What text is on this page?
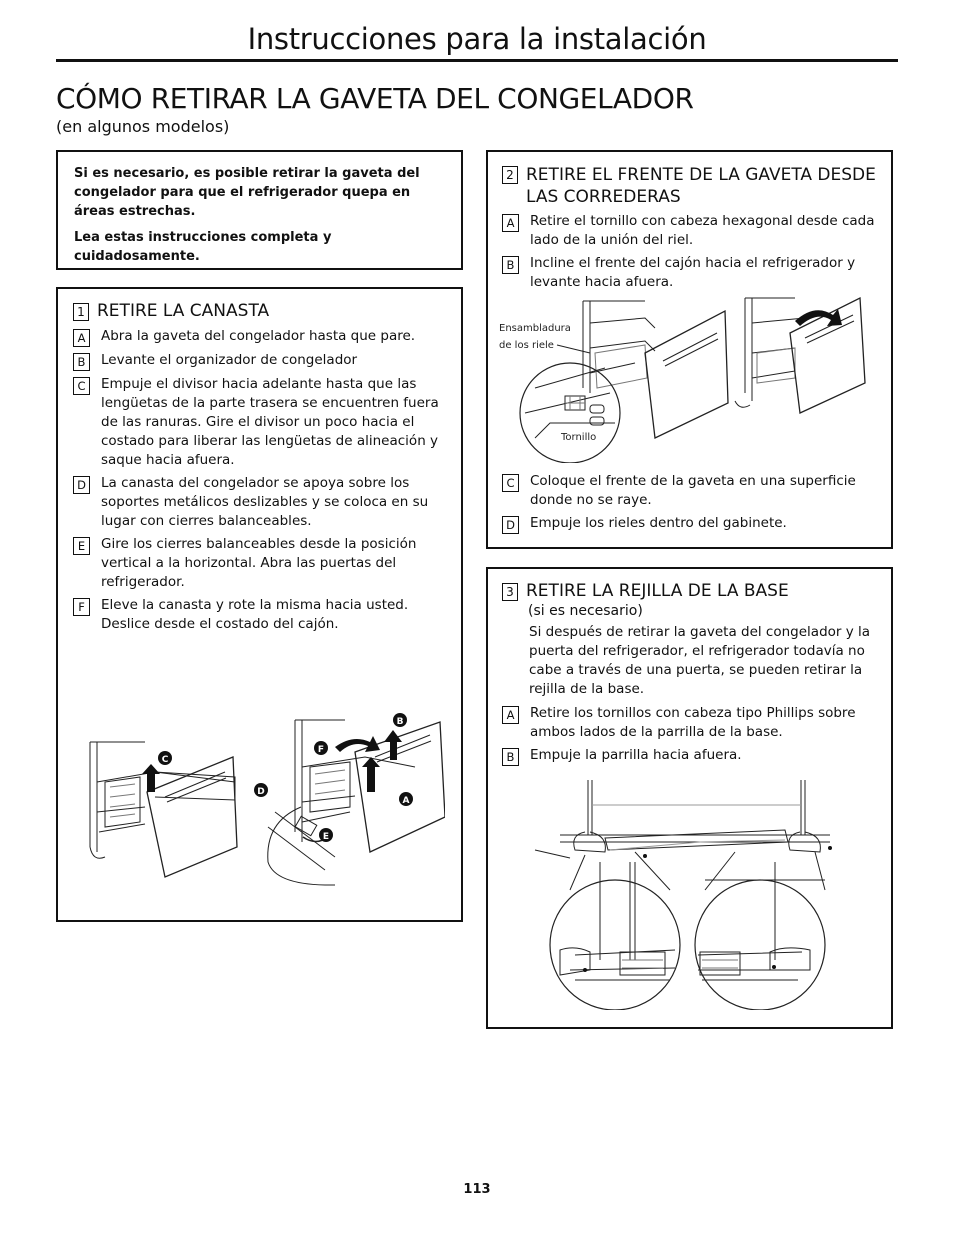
Instrucciones para la instalación
CÓMO RETIRAR LA GAVETA DEL CONGELADOR
(en algunos modelos)

Si es necesario, es posible retirar la gaveta del congelador para que el refrigerador quepa en áreas estrechas.

Lea estas instrucciones completa y cuidadosamente.

1 RETIRE LA CANASTA
A	Abra la gaveta del congelador hasta que pare.
B	Levante el organizador de congelador
C	Empuje el divisor hacia adelante hasta que las lengüetas de la parte trasera se encuentren fuera de las ranuras. Gire el divisor un poco hacia el costado para liberar las lengüetas de alineación y saque hacia afuera.
D	La canasta del congelador se apoya sobre los soportes metálicos deslizables y se coloca en su lugar con cierres balanceables.
E	Gire los cierres balanceables desde la posición vertical a la horizontal. Abra las puertas del refrigerador.
F	Eleve la canasta y rote la misma hacia usted. Deslice desde el costado del cajón.
C
B
F
D
A
E
2 RETIRE EL FRENTE DE LA GAVETA DESDE LAS CORREDERAS
A	Retire el tornillo con cabeza hexagonal desde cada lado de la unión del riel.
B	Incline el frente del cajón hacia el refrigerador y levante hacia afuera.
C	Coloque el frente de la gaveta en una superficie donde no se raye.
D	Empuje los rieles dentro del gabinete.
Ensambladura
de los riele
Tornillo
3 RETIRE LA REJILLA DE LA BASE
(si es necesario)
Si después de retirar la gaveta del congelador y la puerta del refrigerador, el refrigerador todavía no cabe a través de una puerta, se pueden retirar la rejilla de la base.
A	Retire los tornillos con cabeza tipo Phillips sobre ambos lados de la parrilla de la base.
B	Empuje la parrilla hacia afuera.
113
